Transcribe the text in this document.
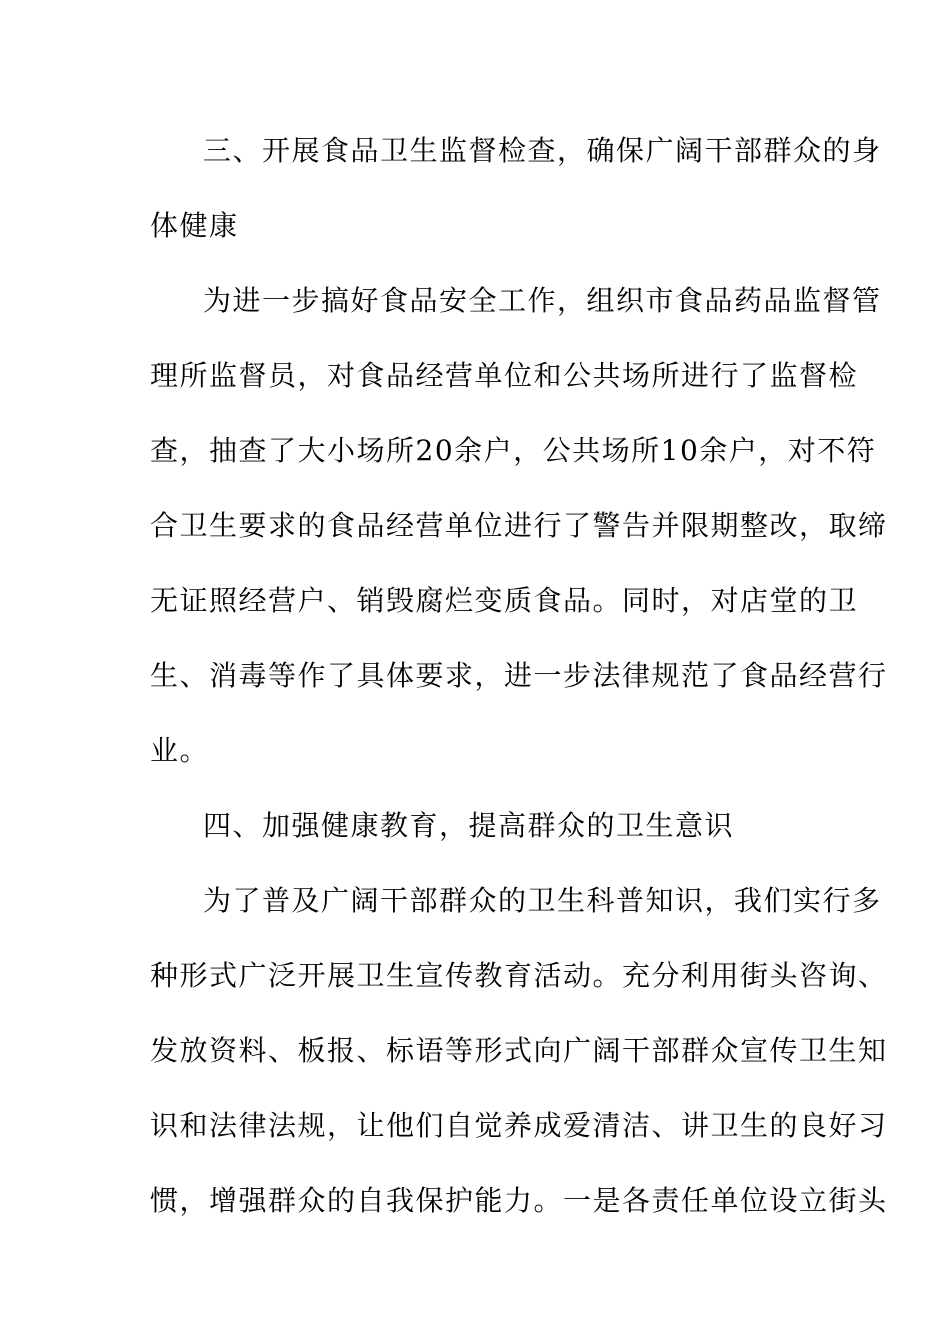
三、开展食品卫生监督检查，确保广阔干部群众的身
体健康
为进一步搞好食品安全工作，组织市食品药品监督管
理所监督员，对食品经营单位和公共场所进行了监督检
查，抽查了大小场所20余户，公共场所10余户，对不符
合卫生要求的食品经营单位进行了警告并限期整改，取缔
无证照经营户、销毁腐烂变质食品。同时，对店堂的卫
生、消毒等作了具体要求，进一步法律规范了食品经营行
业。
四、加强健康教育，提高群众的卫生意识
为了普及广阔干部群众的卫生科普知识，我们实行多
种形式广泛开展卫生宣传教育活动。充分利用街头咨询、
发放资料、板报、标语等形式向广阔干部群众宣传卫生知
识和法律法规，让他们自觉养成爱清洁、讲卫生的良好习
惯，增强群众的自我保护能力。一是各责任单位设立街头
